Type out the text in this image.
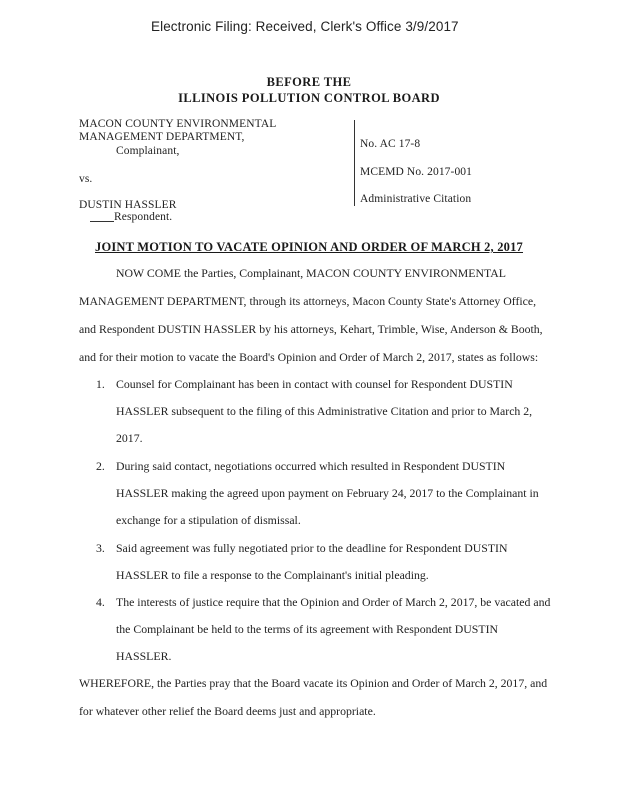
Electronic Filing: Received, Clerk's Office 3/9/2017
BEFORE THE
ILLINOIS POLLUTION CONTROL BOARD
MACON COUNTY ENVIRONMENTAL
MANAGEMENT DEPARTMENT,
Complainant,
vs.
DUSTIN HASSLER
Respondent.
No. AC 17-8
MCEMD No. 2017-001
Administrative Citation
JOINT MOTION TO VACATE OPINION AND ORDER OF MARCH 2, 2017
NOW COME the Parties, Complainant, MACON COUNTY ENVIRONMENTAL
MANAGEMENT DEPARTMENT, through its attorneys, Macon County State's Attorney Office,
and Respondent DUSTIN HASSLER by his attorneys, Kehart, Trimble, Wise, Anderson & Booth,
and for their motion to vacate the Board's Opinion and Order of March 2, 2017, states as follows:
1. Counsel for Complainant has been in contact with counsel for Respondent DUSTIN
HASSLER subsequent to the filing of this Administrative Citation and prior to March 2,
2017.
2. During said contact, negotiations occurred which resulted in Respondent DUSTIN
HASSLER making the agreed upon payment on February 24, 2017 to the Complainant in
exchange for a stipulation of dismissal.
3. Said agreement was fully negotiated prior to the deadline for Respondent DUSTIN
HASSLER to file a response to the Complainant's initial pleading.
4. The interests of justice require that the Opinion and Order of March 2, 2017, be vacated and
the Complainant be held to the terms of its agreement with Respondent DUSTIN
HASSLER.
WHEREFORE, the Parties pray that the Board vacate its Opinion and Order of March 2, 2017, and
for whatever other relief the Board deems just and appropriate.
